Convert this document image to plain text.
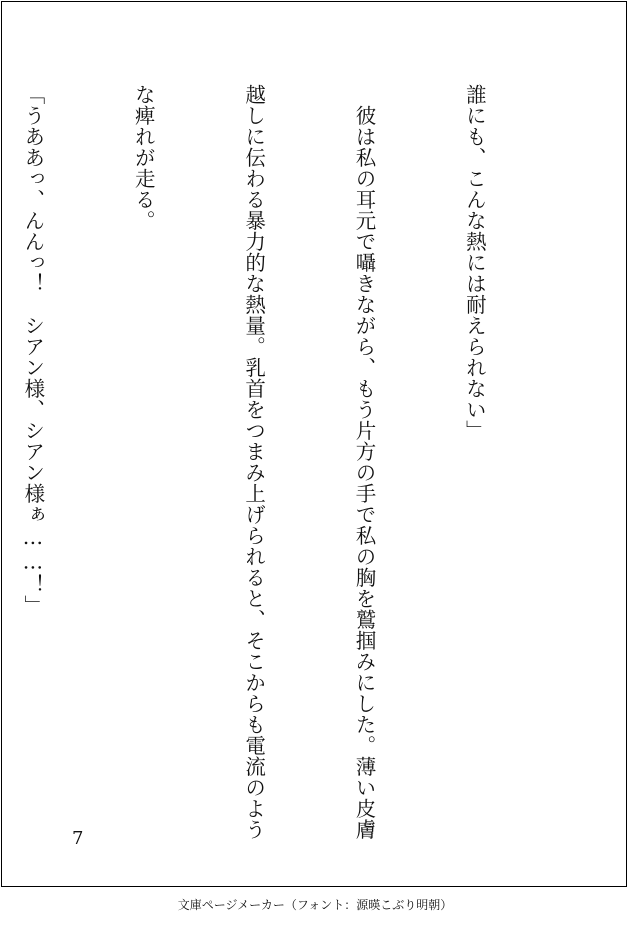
誰にも、こんな熱には耐えられない」

　彼は私の耳元で囁きながら、もう片方の手で私の胸を鷲掴みにした。薄い皮膚

越しに伝わる暴力的な熱量。乳首をつまみ上げられると、そこからも電流のよう

な痺れが走る。

「うああっ、んんっ！　シアン様、シアン様ぁ……！」

7
文庫ページメーカー（フォント：源暎こぶり明朝）
